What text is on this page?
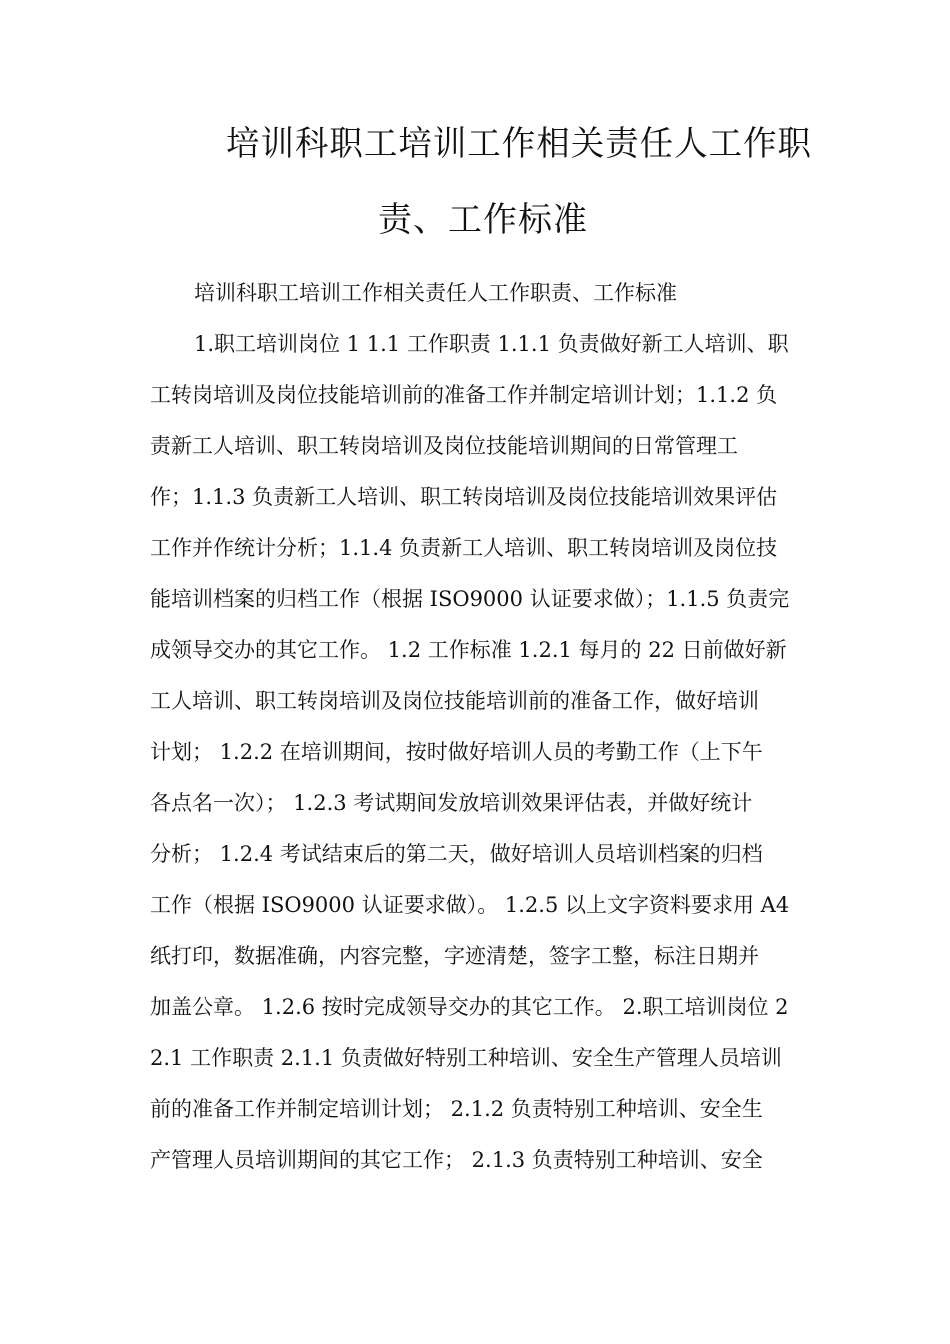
培训科职工培训工作相关责任人工作职
责、工作标准
培训科职工培训工作相关责任人工作职责、工作标准
1.职工培训岗位 1 1.1 工作职责 1.1.1 负责做好新工人培训、职
工转岗培训及岗位技能培训前的准备工作并制定培训计划；1.1.2 负
责新工人培训、职工转岗培训及岗位技能培训期间的日常管理工
作；1.1.3 负责新工人培训、职工转岗培训及岗位技能培训效果评估
工作并作统计分析；1.1.4 负责新工人培训、职工转岗培训及岗位技
能培训档案的归档工作（根据 ISO9000 认证要求做）；1.1.5 负责完
成领导交办的其它工作。 1.2 工作标准 1.2.1 每月的 22 日前做好新
工人培训、职工转岗培训及岗位技能培训前的准备工作，做好培训
计划； 1.2.2 在培训期间，按时做好培训人员的考勤工作（上下午
各点名一次）； 1.2.3 考试期间发放培训效果评估表，并做好统计
分析； 1.2.4 考试结束后的第二天，做好培训人员培训档案的归档
工作（根据 ISO9000 认证要求做）。 1.2.5 以上文字资料要求用 A4
纸打印，数据准确，内容完整，字迹清楚，签字工整，标注日期并
加盖公章。 1.2.6 按时完成领导交办的其它工作。 2.职工培训岗位 2
2.1 工作职责 2.1.1 负责做好特别工种培训、安全生产管理人员培训
前的准备工作并制定培训计划； 2.1.2 负责特别工种培训、安全生
产管理人员培训期间的其它工作； 2.1.3 负责特别工种培训、安全
